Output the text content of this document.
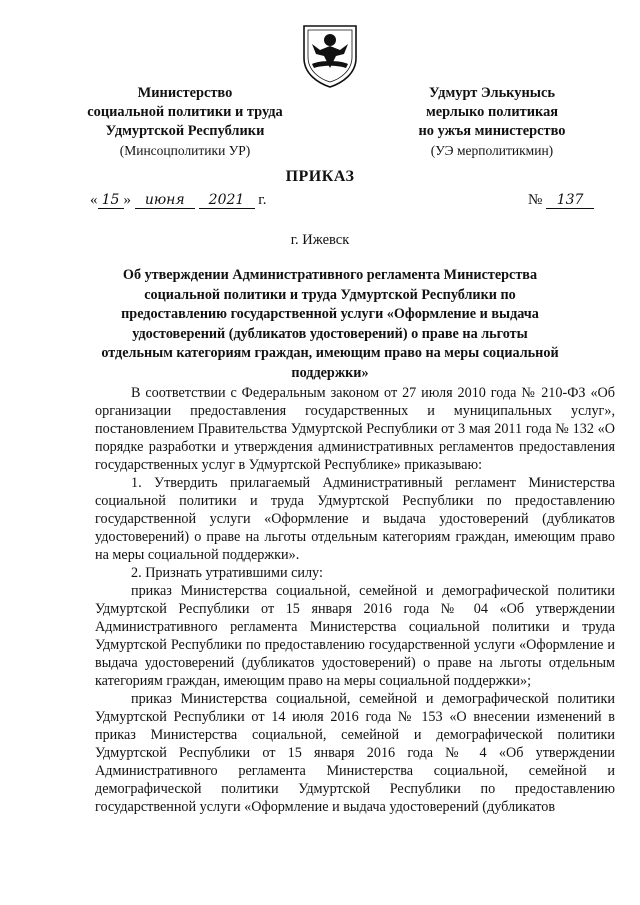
Министерство
социальной политики и труда
Удмуртской Республики
(Минсоцполитики УР)
Удмурт Элькунысь
мерлыко политикая
но ужъя министерство
(УЭ мерполитикмин)
ПРИКАЗ
« 15 » июня 2021 г.	№ 137
г. Ижевск
Об утверждении Административного регламента Министерства социальной политики и труда Удмуртской Республики по предоставлению государственной услуги «Оформление и выдача удостоверений (дубликатов удостоверений) о праве на льготы отдельным категориям граждан, имеющим право на меры социальной поддержки»

В соответствии с Федеральным законом от 27 июля 2010 года № 210-ФЗ «Об организации предоставления государственных и муниципальных услуг», постановлением Правительства Удмуртской Республики от 3 мая 2011 года № 132 «О порядке разработки и утверждения административных регламентов предоставления государственных услуг в Удмуртской Республике» приказываю:

1. Утвердить прилагаемый Административный регламент Министерства социальной политики и труда Удмуртской Республики по предоставлению государственной услуги «Оформление и выдача удостоверений (дубликатов удостоверений) о праве на льготы отдельным категориям граждан, имеющим право на меры социальной поддержки».

2. Признать утратившими силу:

приказ Министерства социальной, семейной и демографической политики Удмуртской Республики от 15 января 2016 года № 04 «Об утверждении Административного регламента Министерства социальной политики и труда Удмуртской Республики по предоставлению государственной услуги «Оформление и выдача удостоверений (дубликатов удостоверений) о праве на льготы отдельным категориям граждан, имеющим право на меры социальной поддержки»;

приказ Министерства социальной, семейной и демографической политики Удмуртской Республики от 14 июля 2016 года № 153 «О внесении изменений в приказ Министерства социальной, семейной и демографической политики Удмуртской Республики от 15 января 2016 года № 4 «Об утверждении Административного регламента Министерства социальной, семейной и демографической политики Удмуртской Республики по предоставлению государственной услуги «Оформление и выдача удостоверений (дубликатов
